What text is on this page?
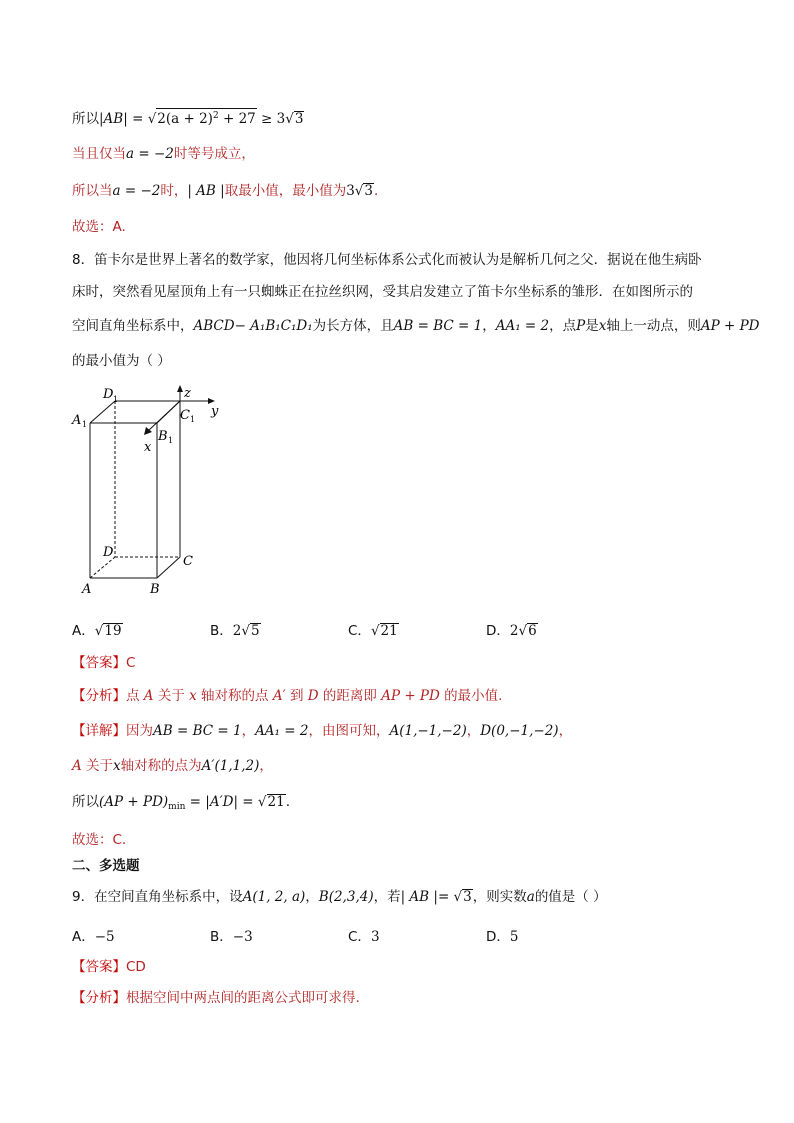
所以$|AB| = √2(a + 2)^2 + 27 \ge 3√3$
当且仅当a = −2时等号成立，
所以当a = −2时，| AB |取最小值，最小值为3√3.
故选：A.
8．笛卡尔是世界上著名的数学家，他因将几何坐标体系公式化而被认为是解析几何之父．据说在他生病卧
床时，突然看见屋顶角上有一只蜘蛛正在拉丝织网，受其启发建立了笛卡尔坐标系的雏形．在如图所示的
空间直角坐标系中，ABCD− A₁B₁C₁D₁为长方体，且AB = BC = 1，AA₁ = 2，点P是x轴上一动点，则AP + PD
的最小值为（ ）
z
y
x
D 1
C 1
A 1
B 1
D
C
A	B
A．√19	B．2√5	C．√21	D．2√6
【答案】C
【分析】点 A 关于 x 轴对称的点 A′ 到 D 的距离即 AP + PD 的最小值.
【详解】因为AB = BC = 1，AA₁ = 2，由图可知，A(1,−1,−2)，D(0,−1,−2)，
A 关于x轴对称的点为A′(1,1,2)，
所以$(AP + PD)_{min} = |A'D| = √21$.
故选：C.
二、多选题
9．在空间直角坐标系中，设A(1, 2, a)，B(2,3,4)，若| AB |= √3，则实数a的值是（ ）
A．−5	B．−3	C．3	D．5
【答案】CD
【分析】根据空间中两点间的距离公式即可求得.
